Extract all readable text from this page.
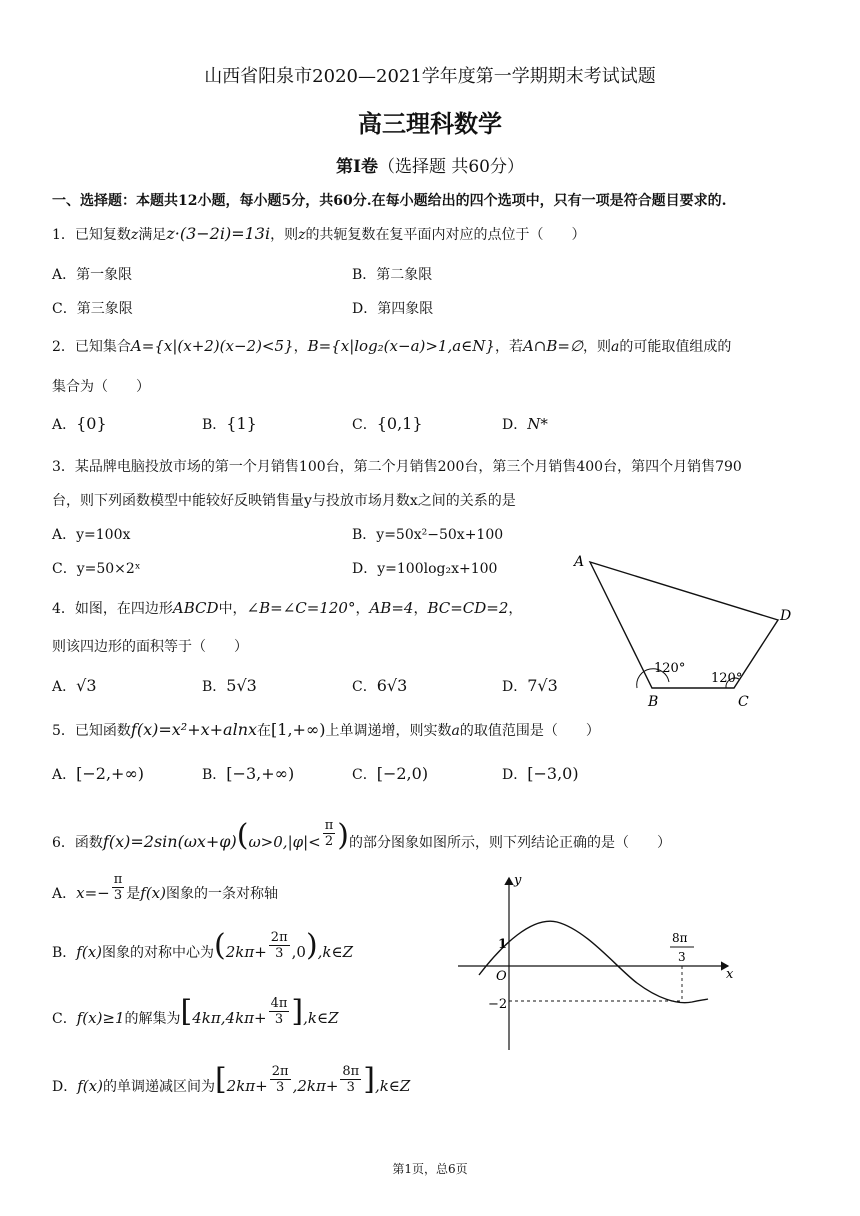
山西省阳泉市2020—2021学年度第一学期期末考试试题
高三理科数学
第Ⅰ卷（选择题 共60分）
一、选择题：本题共12小题，每小题5分，共60分.在每小题给出的四个选项中，只有一项是符合题目要求的.
1．已知复数z满足z·(3−2i)=13i，则z的共轭复数在复平面内对应的点位于（　　）
A．第一象限	B．第二象限
C．第三象限	D．第四象限
2．已知集合A={x|(x+2)(x−2)<5}，B={x|log₂(x−a)>1,a∈N}，若A∩B=∅，则a的可能取值组成的
集合为（　　）
A．{0}	B．{1}	C．{0,1}	D．N*
3．某品牌电脑投放市场的第一个月销售100台，第二个月销售200台，第三个月销售400台，第四个月销售790
台，则下列函数模型中能较好反映销售量y与投放市场月数x之间的关系的是
A．y=100x	B．y=50x²−50x+100
C．y=50×2ˣ	D．y=100log₂x+100
4．如图，在四边形ABCD中，∠B=∠C=120°，AB=4，BC=CD=2，
则该四边形的面积等于（　　）
A．√3	B．5√3	C．6√3	D．7√3
A
B	C
D
120°
120°
5．已知函数f(x)=x²+x+alnx在[1,+∞)上单调递增，则实数a的取值范围是（　　）
A．[−2,+∞)	B．[−3,+∞)	C．[−2,0)	D．[−3,0)
6．函数$f(x)=2\sin(\omega x+\varphi)(\omega>0,|\varphi|< \frac{\pi}{2}$ )的部分图象如图所示，则下列结论正确的是（　　）
A．$x=- \frac{\pi}{3}$ 是f(x)图象的一条对称轴
B．f(x)图象的对称中心为($2k\pi+ \frac{2\pi}{3}$ ,0),k∈Z
C．f(x)≥1的解集为[$4k\pi,4k\pi+ \frac{4\pi}{3}$ ],k∈Z
D．f(x)的单调递减区间为[$2k\pi+ \frac{2\pi}{3} ,2k\pi+ \frac{8\pi}{3}$ ],k∈Z
y
x
O
1
−2
8π
3
第1页，总6页
